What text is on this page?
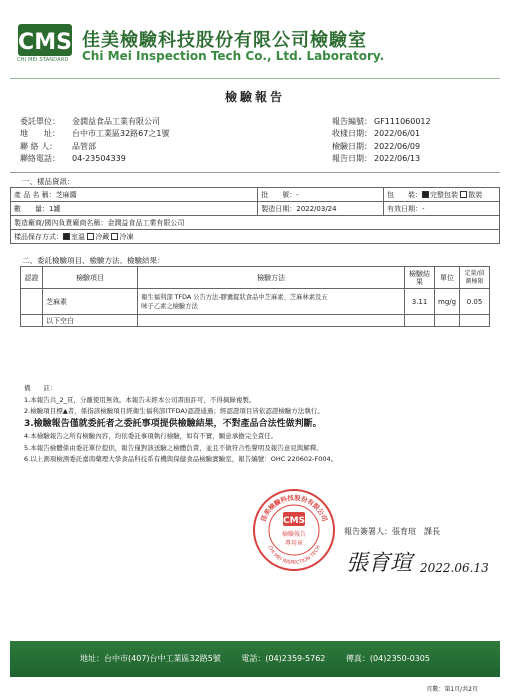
CMS
CHI MEI STANDARD
佳美檢驗科技股份有限公司檢驗室
Chi Mei Inspection Tech Co., Ltd. Laboratory.
檢驗報告
委託單位： 金潤益食品工業有限公司
地　　址： 台中市工業區32路67之1號
聯 絡 人： 品管部
聯絡電話： 04-23504339
報告編號： GF111060012
收樣日期： 2022/06/01
檢驗日期： 2022/06/09
報告日期： 2022/06/13
一、樣品資訊：
產 品 名 稱：芝麻醬	批　　號：-	包　　裝： 完整包裝 散裝
數　　量：1罐	製造日期：2022/03/24	有效日期：-
製造廠商/國內負責廠商名稱：金潤益食品工業有限公司		
樣品保存方式： 室溫 冷藏 冷凍		
二、委託檢驗項目、檢驗方法、檢驗結果：
認證	檢驗項目	檢驗方法	檢驗結果	單位	定量/偵測極限
	芝麻素	衛生福利部 TFDA 公告方法-膠囊錠狀食品中芝麻素、芝麻林素及五
味子乙素之檢驗方法	3.11	mg/g	0.05
	以下空白				
備　　註：
1.本報告共_2_頁，分離使用無效。本報告未經本公司書面許可，不得摘錄複製。
2.檢驗項目標▲者，係指該檢驗項目經衛生福利部(TFDA)認證通過；經認證項目皆依認證檢驗方法執行。
3.檢驗報告僅就委託者之委託事項提供檢驗結果，不對產品合法性做判斷。
4.本檢驗報告之所有檢驗內容，均依委託事項執行檢驗，如有不實，願意承擔完全責任。
5.本報告檢體係由委託單位提供，報告僅對該送驗之檢體負責，並且不做符合性聲明及報告意見與解釋。
6.以上測項檢測委託嘉南藥理大學食品科技系有機與保健食品檢驗實驗室，報告編號：OHC 220602-F004。
佳美檢驗科技股份有限公司
CHI MEI INSPECTION TECH
CMS
檢驗報告
專用章
報告簽署人：張育瑄　課長
張育瑄 2022.06.13
地址：台中市(407)台中工業區32路5號	電話：(04)2359-5762	傳真：(04)2350-0305
頁數：第1頁/共2頁
